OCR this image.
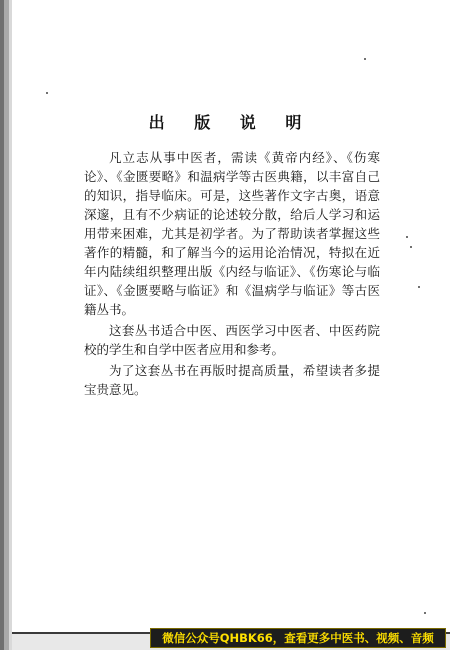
出 版 说 明

凡立志从事中医者，需读《黄帝内经》、《伤寒论》、《金匮要略》和温病学等古医典籍，以丰富自己的知识，指导临床。可是，这些著作文字古奥，语意深邃，且有不少病证的论述较分散，给后人学习和运用带来困难，尤其是初学者。为了帮助读者掌握这些著作的精髓，和了解当今的运用论治情况，特拟在近年内陆续组织整理出版《内经与临证》、《伤寒论与临证》、《金匮要略与临证》和《温病学与临证》等古医籍丛书。

这套丛书适合中医、西医学习中医者、中医药院校的学生和自学中医者应用和参考。

为了这套丛书在再版时提高质量，希望读者多提宝贵意见。

微信公众号QHBK66，查看更多中医书、视频、音频
